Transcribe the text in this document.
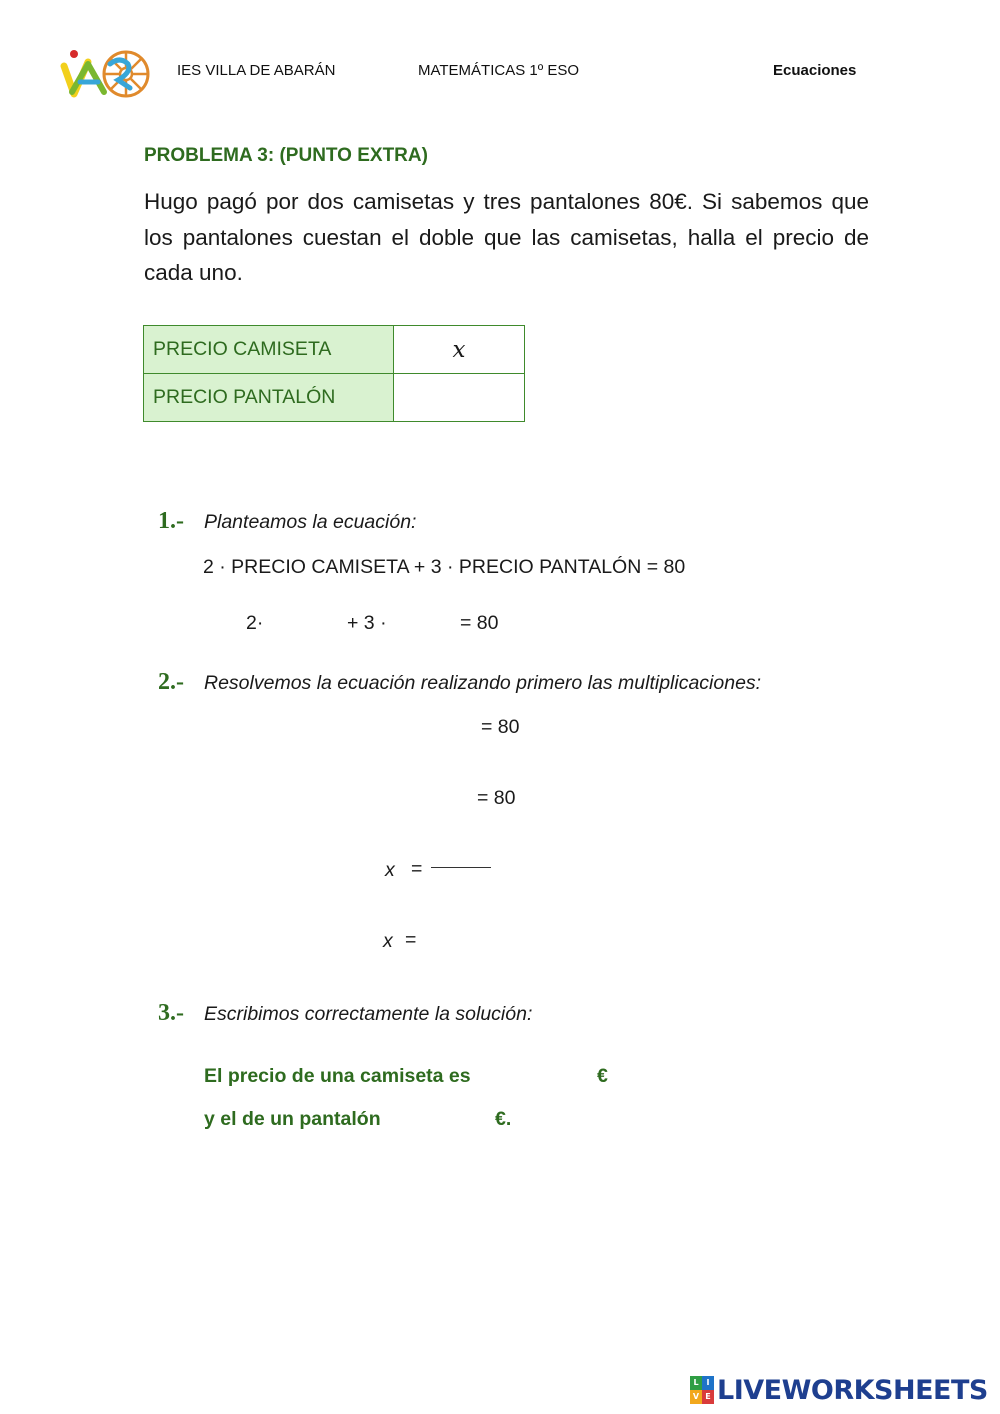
IES VILLA DE ABARÁN	MATEMÁTICAS 1º ESO	Ecuaciones
PROBLEMA 3: (PUNTO EXTRA)
Hugo pagó por dos camisetas y tres pantalones 80€. Si sabemos que los pantalones cuestan el doble que las camisetas, halla el precio de cada uno.
PRECIO CAMISETA	x
PRECIO PANTALÓN	
1.- Planteamos la ecuación:
2 · PRECIO CAMISETA + 3 · PRECIO PANTALÓN = 80
2·	+ 3 ·	= 80
2.- Resolvemos la ecuación realizando primero las multiplicaciones:
= 80
= 80
x =
x =
3.- Escribimos correctamente la solución:
El precio de una camiseta es	€
y el de un pantalón	€.
L I
V E LIVEWORKSHEETS
